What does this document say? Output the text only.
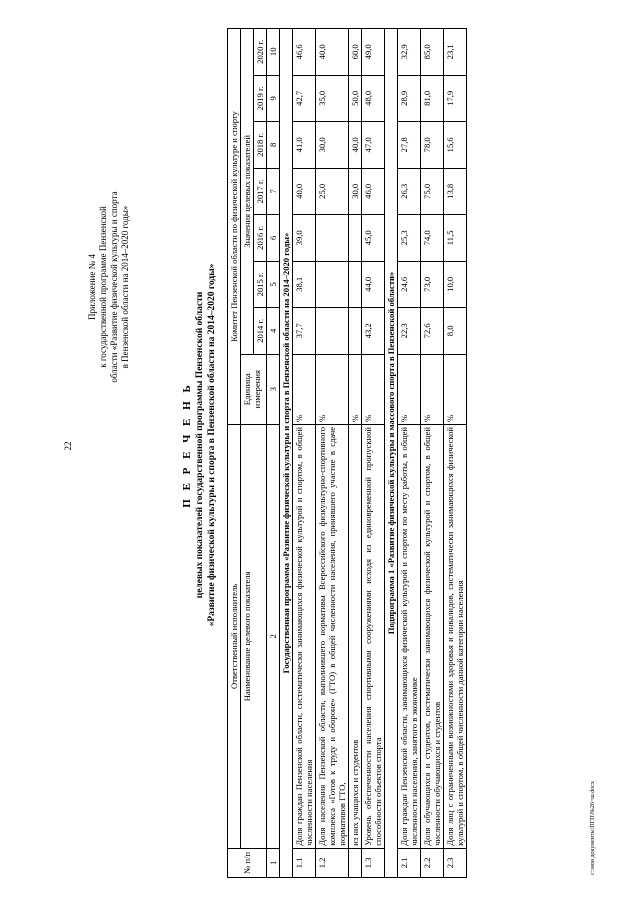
22
Приложение № 4 к государственной программе Пензенской области «Развитие физической культуры и спорта в Пензенской области на 2014–2020 годы»
П Е Р Е Ч Е Н Ь целевых показателей государственной программы Пензенской области «Развитие физической культуры и спорта в Пензенской области на 2014–2020 годы»
№ п/п	Ответственный исполнитель	Комитет Пензенской области по физической культуре и спорту							
	Наименование целевого показателя	Единица измерения	Значения целевых показателей						
			2014 г.	2015 г.	2016 г.	2017 г.	2018 г.	2019 г.	2020 г.
1	2	3	4	5	6	7	8	9	10
Государственная программа «Развитие физической культуры и спорта в Пензенской области на 2014–2020 годы»									
1.1	Доля граждан Пензенской области, систематически занимающихся физической культурой и спортом, в общей численности населения	%	37,7	38,1	39,0	40,0	41,0	42,7	46,6
1.2	Доля населения Пензенской области, выполнившего нормативы Всероссийского физкультурно-спортивного комплекса «Готов к труду и обороне» (ГТО) в общей численности населения, принявшего участие в сдаче нормативов ГТО,	%				25,0	30,0	35,0	40,0
	из них учащихся и студентов	%				30,0	40,0	50,0	60,0
1.3	Уровень обеспеченности населения спортивными сооружениями исходя из единовременной пропускной способности объектов спорта	%	43,2	44,0	45,0	46,0	47,0	48,0	49,0
Подпрограмма 1 «Развитие физической культуры и массового спорта в Пензенской области»									
2.1	Доля граждан Пензенской области, занимающихся физической культурой и спортом по месту работы, в общей численности населения, занятого в экономике	%	22,3	24,6	25,3	26,3	27,8	28,9	32,9
2.2	Доля обучающихся и студентов, систематически занимающихся физической культурой и спортом, в общей численности обучающихся и студентов	%	72,6	73,0	74,0	75,0	78,0	81,0	85,0
2.3	Доля лиц с ограниченными возможностями здоровья и инвалидов, систематически занимающихся физической культурой и спортом, в общей численности данной категории населения	%	8,0	10,0	11,5	13,8	15,6	17,9	23,1
c:\мои документы\ПГП\№26~ш.docx
